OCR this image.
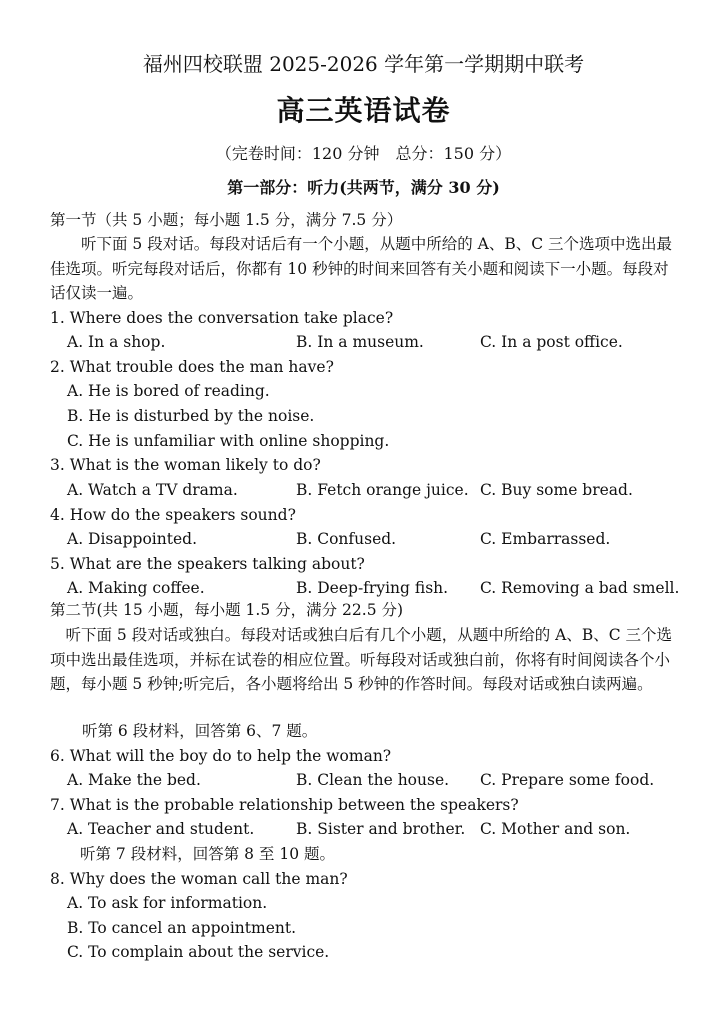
福州四校联盟 2025-2026 学年第一学期期中联考
高三英语试卷
（完卷时间：120 分钟　总分：150 分）
第一部分：听力(共两节，满分 30 分)
第一节（共 5 小题；每小题 1.5 分，满分 7.5 分）
　　听下面 5 段对话。每段对话后有一个小题，从题中所给的 A、B、C 三个选项中选出最佳选项。听完每段对话后，你都有 10 秒钟的时间来回答有关小题和阅读下一小题。每段对话仅读一遍。
1. Where does the conversation take place?
A. In a shop.	B. In a museum.	C. In a post office.
2. What trouble does the man have?
A. He is bored of reading.
B. He is disturbed by the noise.
C. He is unfamiliar with online shopping.
3. What is the woman likely to do?
A. Watch a TV drama.	B. Fetch orange juice. C. Buy some bread.
4. How do the speakers sound?
A. Disappointed.	B. Confused.	C. Embarrassed.
5. What are the speakers talking about?
A. Making coffee.	B. Deep-frying fish. C. Removing a bad smell.
第二节(共 15 小题，每小题 1.5 分，满分 22.5 分)
　听下面 5 段对话或独白。每段对话或独白后有几个小题，从题中所给的 A、B、C 三个选项中选出最佳选项，并标在试卷的相应位置。听每段对话或独白前，你将有时间阅读各个小题，每小题 5 秒钟;听完后，各小题将给出 5 秒钟的作答时间。每段对话或独白读两遍。
听第 6 段材料，回答第 6、7 题。
6. What will the boy do to help the woman?
A. Make the bed.	B. Clean the house. C. Prepare some food.
7. What is the probable relationship between the speakers?
A. Teacher and student.	B. Sister and brother. C. Mother and son.
听第 7 段材料，回答第 8 至 10 题。
8. Why does the woman call the man?
A. To ask for information.
B. To cancel an appointment.
C. To complain about the service.
